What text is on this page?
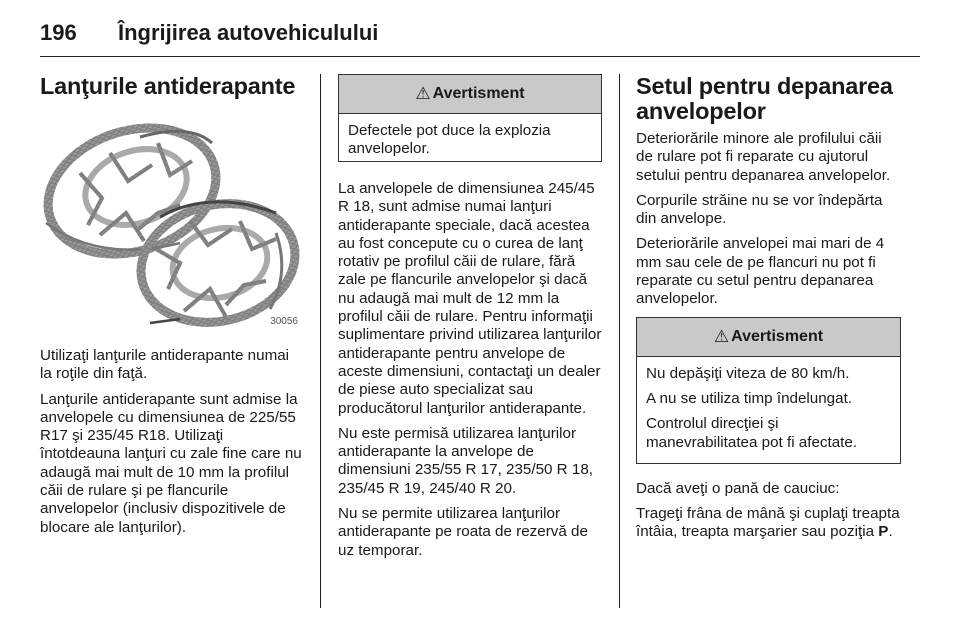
196 Îngrijirea autovehiculului
Lanţurile antiderapante
30056

Utilizaţi lanţurile antiderapante numai la roţile din faţă.

Lanţurile antiderapante sunt admise la anvelopele cu dimensiunea de 225/55 R17 şi 235/45 R18. Utilizaţi întotdeauna lanţuri cu zale fine care nu adaugă mai mult de 10 mm la profilul căii de rulare şi pe flancurile anvelopelor (inclusiv dispozitivele de blocare ale lanţurilor).

⚠ Avertisment

Defectele pot duce la explozia anvelopelor.

La anvelopele de dimensiunea 245/45 R 18, sunt admise numai lanţuri antiderapante speciale, dacă acestea au fost concepute cu o curea de lanţ rotativ pe profilul căii de rulare, fără zale pe flancurile anvelopelor şi dacă nu adaugă mai mult de 12 mm la profilul căii de rulare. Pentru informaţii suplimentare privind utilizarea lanţurilor antiderapante pentru anvelope de aceste dimensiuni, contactaţi un dealer de piese auto specializat sau producătorul lanţurilor antiderapante.

Nu este permisă utilizarea lanţurilor antiderapante la anvelope de dimensiuni 235/55 R 17, 235/50 R 18, 235/45 R 19, 245/40 R 20.

Nu se permite utilizarea lanţurilor antiderapante pe roata de rezervă de uz temporar.

Setul pentru depanarea anvelopelor

Deteriorările minore ale profilului căii de rulare pot fi reparate cu ajutorul setului pentru depanarea anvelopelor.

Corpurile străine nu se vor îndepărta din anvelope.

Deteriorările anvelopei mai mari de 4 mm sau cele de pe flancuri nu pot fi reparate cu setul pentru depanarea anvelopelor.

⚠ Avertisment

Nu depăşiţi viteza de 80 km/h.

A nu se utiliza timp îndelungat.

Controlul direcţiei şi manevrabilitatea pot fi afectate.

Dacă aveţi o pană de cauciuc:

Trageţi frâna de mână şi cuplaţi treapta întâia, treapta marşarier sau poziţia P.
